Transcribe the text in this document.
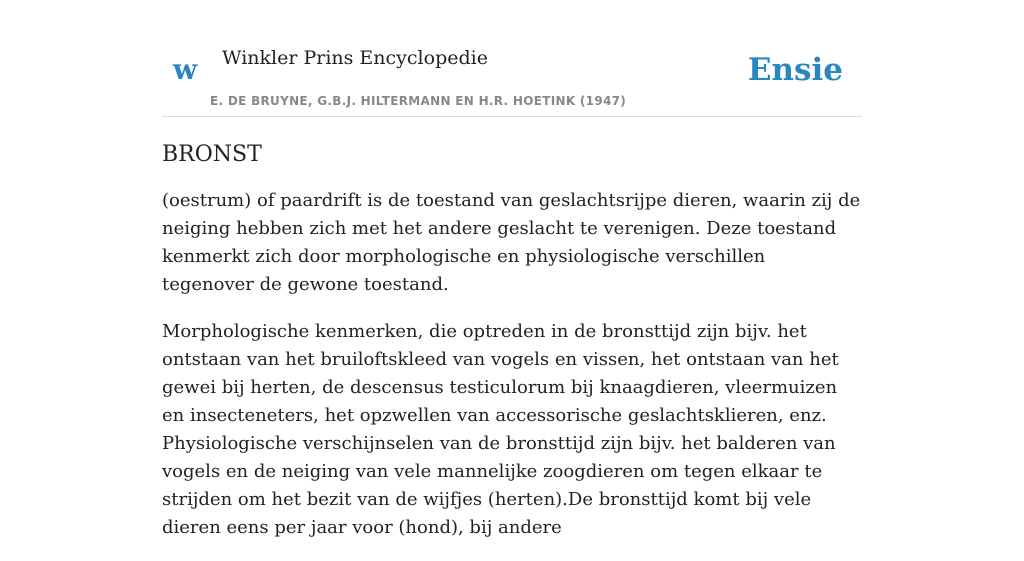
w Winkler Prins Encyclopedie
E. DE BRUYNE, G.B.J. HILTERMANN EN H.R. HOETINK (1947)
Ensie
BRONST

(oestrum) of paardrift is de toestand van geslachtsrijpe dieren, waarin zij de neiging hebben zich met het andere geslacht te verenigen. Deze toestand kenmerkt zich door morphologische en physiologische verschillen tegenover de gewone toestand.

Morphologische kenmerken, die optreden in de bronsttijd zijn bijv. het ontstaan van het bruiloftskleed van vogels en vissen, het ontstaan van het gewei bij herten, de descensus testiculorum bij knaagdieren, vleermuizen en insecteneters, het opzwellen van accessorische geslachtsklieren, enz. Physiologische verschijnselen van de bronsttijd zijn bijv. het balderen van vogels en de neiging van vele mannelijke zoogdieren om tegen elkaar te strijden om het bezit van de wijfjes (herten).De bronsttijd komt bij vele dieren eens per jaar voor (hond), bij andere
